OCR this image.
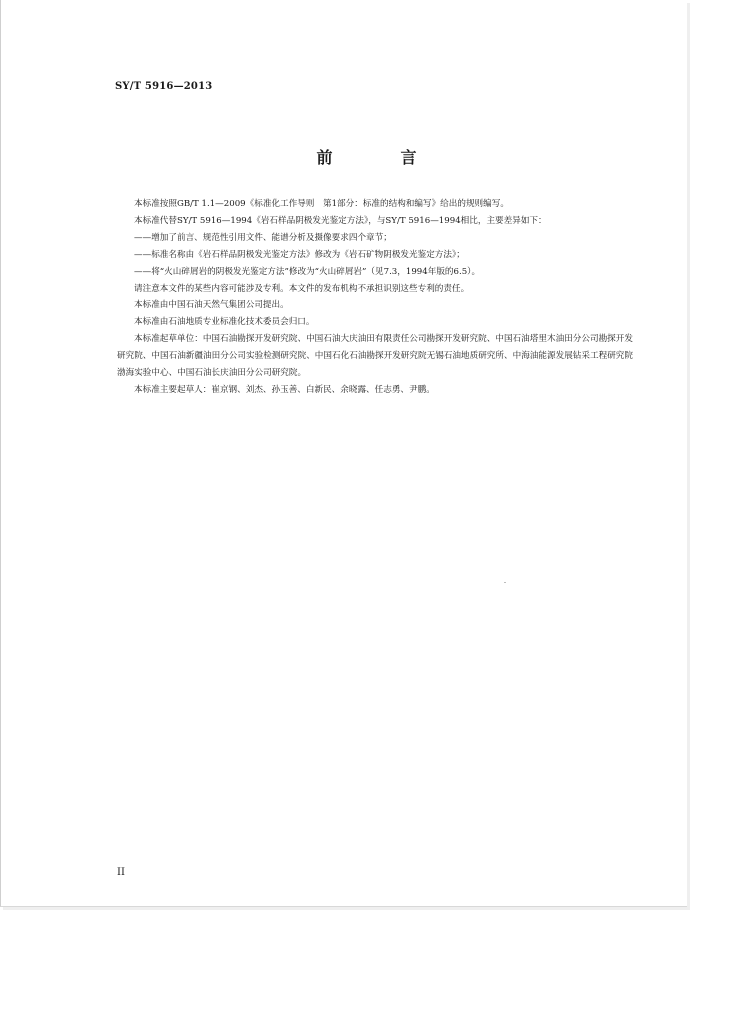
SY/T 5916—2013
前　言

本标准按照GB/T 1.1—2009《标准化工作导则　第1部分：标准的结构和编写》给出的规则编写。

本标准代替SY/T 5916—1994《岩石样品阴极发光鉴定方法》，与SY/T 5916—1994相比，主要差异如下：

——增加了前言、规范性引用文件、能谱分析及摄像要求四个章节；

——标准名称由《岩石样品阴极发光鉴定方法》修改为《岩石矿物阴极发光鉴定方法》；

——将“火山碎屑岩的阴极发光鉴定方法”修改为“火山碎屑岩”（见7.3，1994年版的6.5）。

请注意本文件的某些内容可能涉及专利。本文件的发布机构不承担识别这些专利的责任。

本标准由中国石油天然气集团公司提出。

本标准由石油地质专业标准化技术委员会归口。

本标准起草单位：中国石油勘探开发研究院、中国石油大庆油田有限责任公司勘探开发研究院、中国石油塔里木油田分公司勘探开发研究院、中国石油新疆油田分公司实验检测研究院、中国石化石油勘探开发研究院无锡石油地质研究所、中海油能源发展钻采工程研究院渤海实验中心、中国石油长庆油田分公司研究院。

本标准主要起草人：崔京钢、刘杰、孙玉善、白新民、余晓露、任志勇、尹鹏。

II
